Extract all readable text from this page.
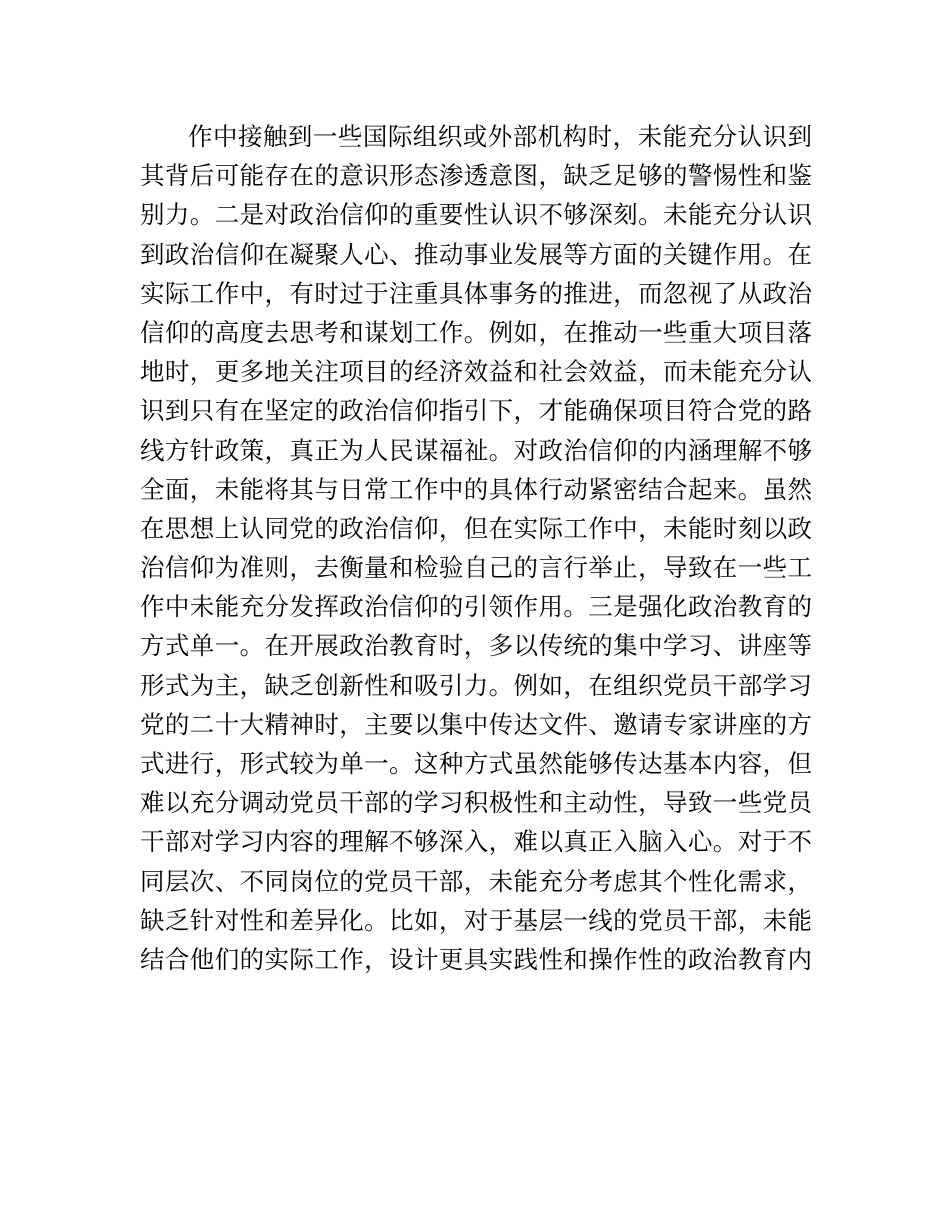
作中接触到一些国际组织或外部机构时，未能充分认识到
其背后可能存在的意识形态渗透意图，缺乏足够的警惕性和鉴
别力。二是对政治信仰的重要性认识不够深刻。未能充分认识
到政治信仰在凝聚人心、推动事业发展等方面的关键作用。在
实际工作中，有时过于注重具体事务的推进，而忽视了从政治
信仰的高度去思考和谋划工作。例如，在推动一些重大项目落
地时，更多地关注项目的经济效益和社会效益，而未能充分认
识到只有在坚定的政治信仰指引下，才能确保项目符合党的路
线方针政策，真正为人民谋福祉。对政治信仰的内涵理解不够
全面，未能将其与日常工作中的具体行动紧密结合起来。虽然
在思想上认同党的政治信仰，但在实际工作中，未能时刻以政
治信仰为准则，去衡量和检验自己的言行举止，导致在一些工
作中未能充分发挥政治信仰的引领作用。三是强化政治教育的
方式单一。在开展政治教育时，多以传统的集中学习、讲座等
形式为主，缺乏创新性和吸引力。例如，在组织党员干部学习
党的二十大精神时，主要以集中传达文件、邀请专家讲座的方
式进行，形式较为单一。这种方式虽然能够传达基本内容，但
难以充分调动党员干部的学习积极性和主动性，导致一些党员
干部对学习内容的理解不够深入，难以真正入脑入心。对于不
同层次、不同岗位的党员干部，未能充分考虑其个性化需求，
缺乏针对性和差异化。比如，对于基层一线的党员干部，未能
结合他们的实际工作，设计更具实践性和操作性的政治教育内
